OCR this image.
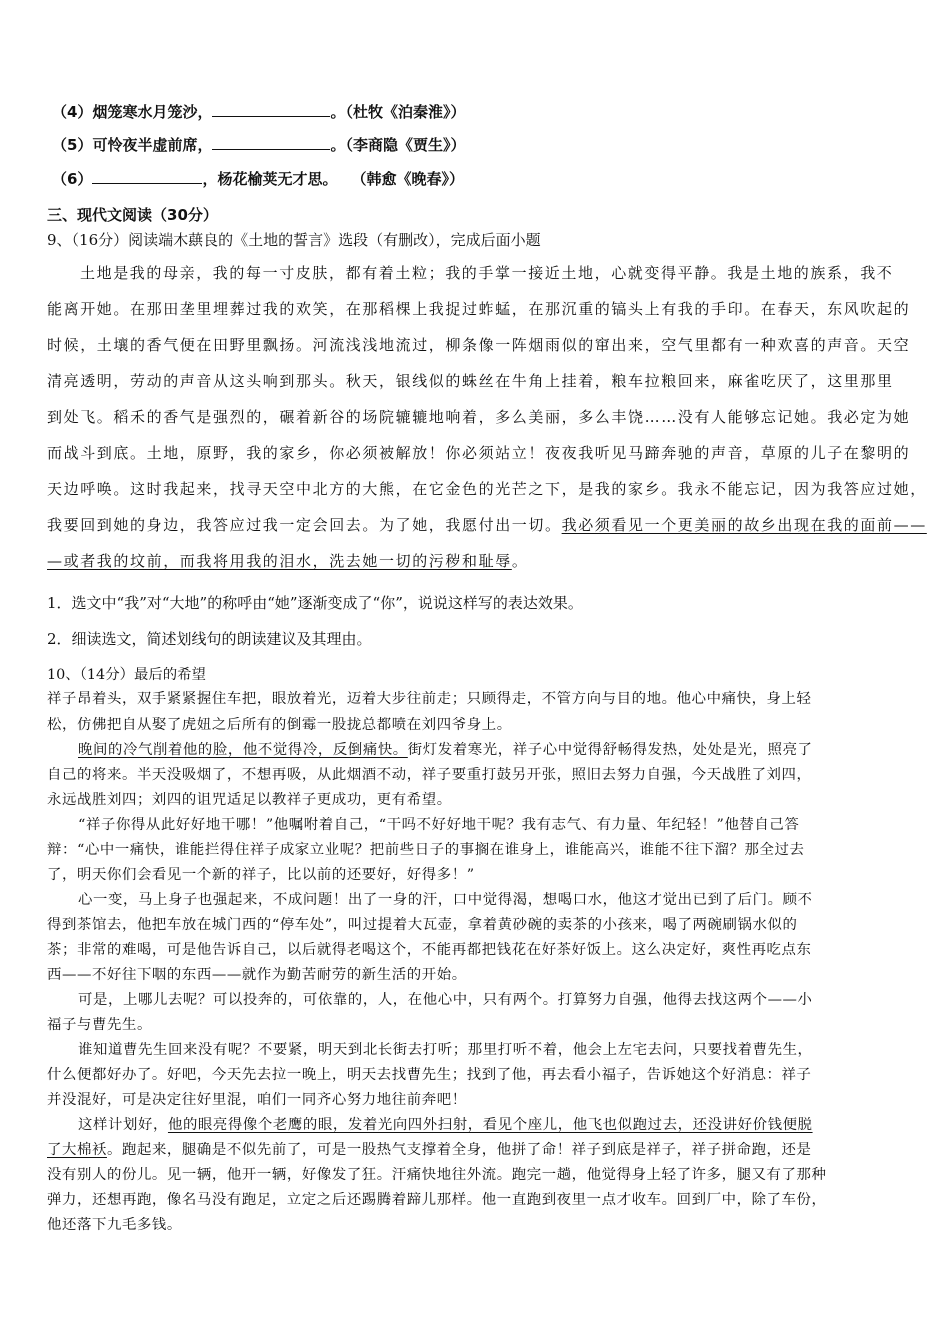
（4）烟笼寒水月笼沙，	。（杜牧《泊秦淮》）
（5）可怜夜半虚前席，	。（李商隐《贾生》）
（6）	，杨花榆荚无才思。 （韩愈《晚春》）
三、现代文阅读（30分）
9、（16分）阅读端木蕻良的《土地的誓言》选段（有删改），完成后面小题
土地是我的母亲，我的每一寸皮肤，都有着土粒；我的手掌一接近土地，心就变得平静。我是土地的族系，我不
能离开她。在那田垄里埋葬过我的欢笑，在那稻棵上我捉过蚱蜢，在那沉重的镐头上有我的手印。在春天，东风吹起的
时候，土壤的香气便在田野里飘扬。河流浅浅地流过，柳条像一阵烟雨似的窜出来，空气里都有一种欢喜的声音。天空
清亮透明，劳动的声音从这头响到那头。秋天，银线似的蛛丝在牛角上挂着，粮车拉粮回来，麻雀吃厌了，这里那里
到处飞。稻禾的香气是强烈的，碾着新谷的场院辘辘地响着，多么美丽，多么丰饶……没有人能够忘记她。我必定为她
而战斗到底。土地，原野，我的家乡，你必须被解放！你必须站立！夜夜我听见马蹄奔驰的声音，草原的儿子在黎明的
天边呼唤。这时我起来，找寻天空中北方的大熊，在它金色的光芒之下，是我的家乡。我永不能忘记，因为我答应过她，
我要回到她的身边，我答应过我一定会回去。为了她，我愿付出一切。我必须看见一个更美丽的故乡出现在我的面前——
—或者我的坟前，而我将用我的泪水，洗去她一切的污秽和耻辱。
1．选文中“我”对“大地”的称呼由“她”逐渐变成了“你”，说说这样写的表达效果。
2．细读选文，简述划线句的朗读建议及其理由。
10、（14分）最后的希望
祥子昂着头，双手紧紧握住车把，眼放着光，迈着大步往前走；只顾得走，不管方向与目的地。他心中痛快，身上轻
松，仿佛把自从娶了虎妞之后所有的倒霉一股拢总都喷在刘四爷身上。
晚间的冷气削着他的脸，他不觉得冷，反倒痛快。街灯发着寒光，祥子心中觉得舒畅得发热，处处是光，照亮了
自己的将来。半天没吸烟了，不想再吸，从此烟酒不动，祥子要重打鼓另开张，照旧去努力自强，今天战胜了刘四，
永远战胜刘四；刘四的诅咒适足以教祥子更成功，更有希望。
“祥子你得从此好好地干哪！”他嘱咐着自己，“干吗不好好地干呢？我有志气、有力量、年纪轻！”他替自己答
辩：“心中一痛快，谁能拦得住祥子成家立业呢？把前些日子的事搁在谁身上，谁能高兴，谁能不往下溜？那全过去
了，明天你们会看见一个新的祥子，比以前的还要好，好得多！”
心一变，马上身子也强起来，不成问题！出了一身的汗，口中觉得渴，想喝口水，他这才觉出已到了后门。顾不
得到茶馆去，他把车放在城门西的“停车处”，叫过提着大瓦壶，拿着黄砂碗的卖茶的小孩来，喝了两碗刷锅水似的
茶；非常的难喝，可是他告诉自己，以后就得老喝这个，不能再都把钱花在好茶好饭上。这么决定好，爽性再吃点东
西——不好往下咽的东西——就作为勤苦耐劳的新生活的开始。
可是，上哪儿去呢？可以投奔的，可依靠的，人，在他心中，只有两个。打算努力自强，他得去找这两个——小
福子与曹先生。
谁知道曹先生回来没有呢？不要紧，明天到北长街去打听；那里打听不着，他会上左宅去问，只要找着曹先生，
什么便都好办了。好吧，今天先去拉一晚上，明天去找曹先生；找到了他，再去看小福子，告诉她这个好消息：祥子
并没混好，可是决定往好里混，咱们一同齐心努力地往前奔吧！
这样计划好，他的眼亮得像个老鹰的眼，发着光向四外扫射，看见个座儿，他飞也似跑过去，还没讲好价钱便脱
了大棉袄。跑起来，腿确是不似先前了，可是一股热气支撑着全身，他拼了命！祥子到底是祥子，祥子拼命跑，还是
没有别人的份儿。见一辆，他开一辆，好像发了狂。汗痛快地往外流。跑完一趟，他觉得身上轻了许多，腿又有了那种
弹力，还想再跑，像名马没有跑足，立定之后还踢腾着蹄儿那样。他一直跑到夜里一点才收车。回到厂中，除了车份，
他还落下九毛多钱。
